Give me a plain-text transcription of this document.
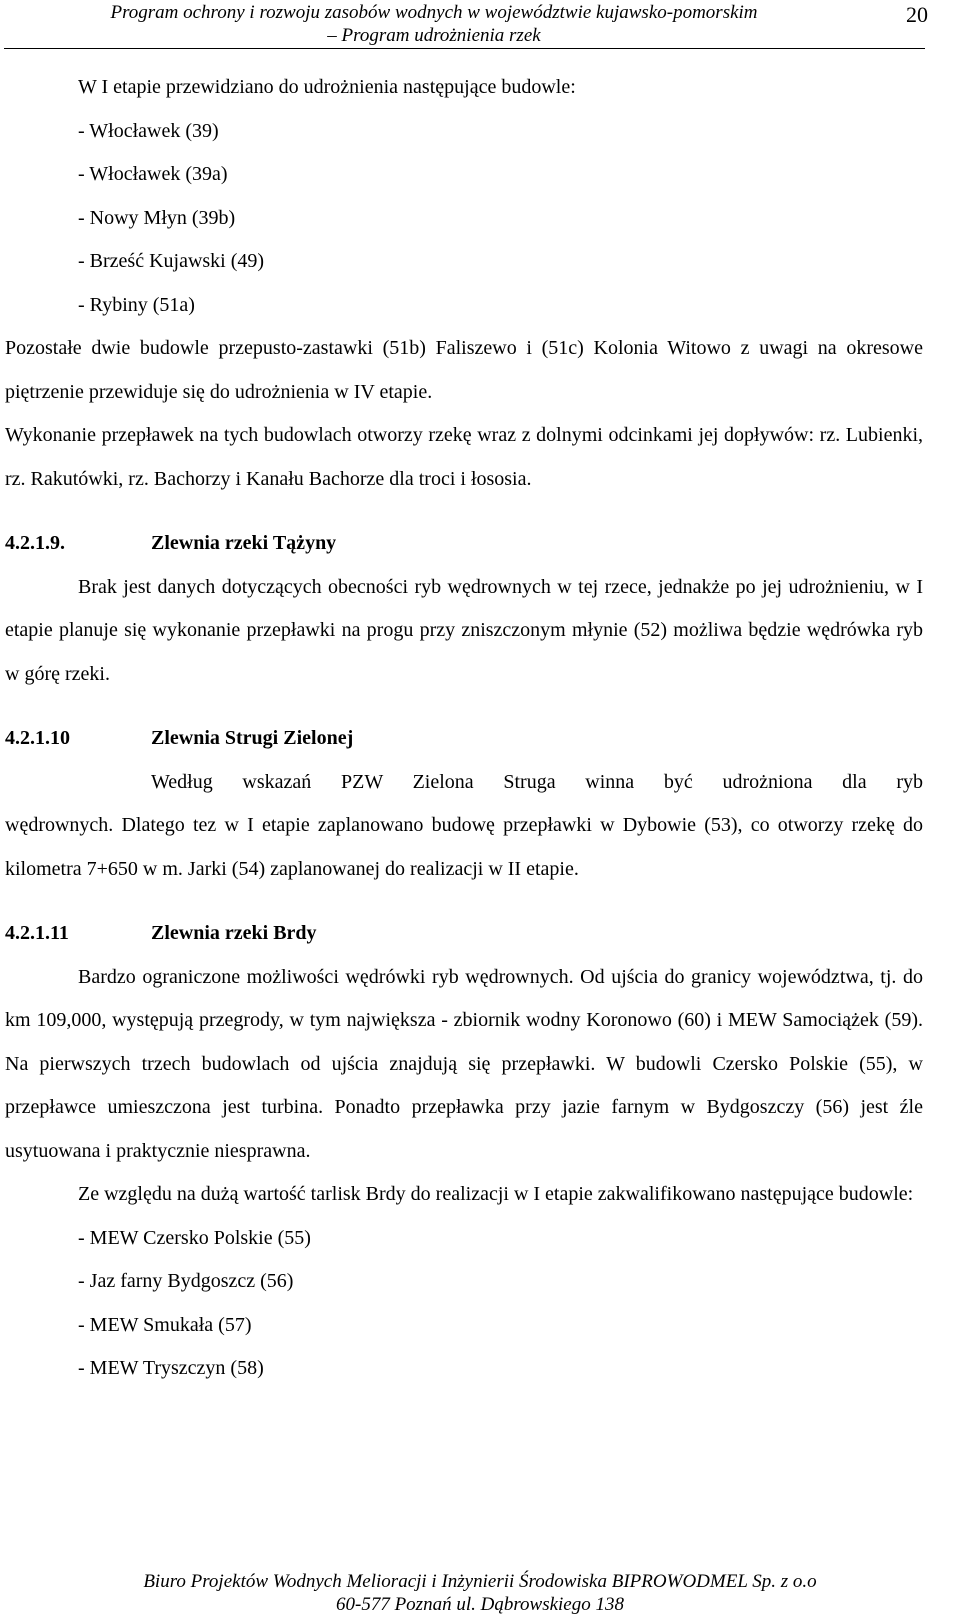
Program ochrony i rozwoju zasobów wodnych w województwie kujawsko-pomorskim
– Program udrożnienia rzek
20

W I etapie przewidziano do udrożnienia następujące budowle:

- Włocławek (39)

- Włocławek (39a)

- Nowy Młyn (39b)

- Brześć Kujawski (49)

- Rybiny (51a)

Pozostałe dwie budowle przepusto-zastawki (51b) Faliszewo i (51c) Kolonia Witowo z uwagi na okresowe piętrzenie przewiduje się do udrożnienia w IV etapie.

Wykonanie przepławek na tych budowlach otworzy rzekę wraz z dolnymi odcinkami jej dopływów: rz. Lubienki, rz. Rakutówki, rz. Bachorzy i Kanału Bachorze dla troci i łososia.

4.2.1.9.	Zlewnia rzeki Tążyny

Brak jest danych dotyczących obecności ryb wędrownych w tej rzece, jednakże po jej udrożnieniu, w I etapie planuje się wykonanie przepławki na progu przy zniszczonym młynie (52) możliwa będzie wędrówka ryb w górę rzeki.

4.2.1.10	Zlewnia Strugi Zielonej

Według wskazań PZW Zielona Struga winna być udrożniona dla ryb

wędrownych. Dlatego tez w I etapie zaplanowano budowę przepławki w Dybowie (53), co otworzy rzekę do kilometra 7+650 w m. Jarki (54) zaplanowanej do realizacji w II etapie.

4.2.1.11	Zlewnia rzeki Brdy

Bardzo ograniczone możliwości wędrówki ryb wędrownych. Od ujścia do granicy województwa, tj. do km 109,000, występują przegrody, w tym największa - zbiornik wodny Koronowo (60) i MEW Samociążek (59). Na pierwszych trzech budowlach od ujścia znajdują się przepławki. W budowli Czersko Polskie (55), w przepławce umieszczona jest turbina. Ponadto przepławka przy jazie farnym w Bydgoszczy (56) jest źle usytuowana i praktycznie niesprawna.

Ze względu na dużą wartość tarlisk Brdy do realizacji w I etapie zakwalifikowano następujące budowle:

- MEW Czersko Polskie (55)

- Jaz farny Bydgoszcz (56)

- MEW Smukała (57)

- MEW Tryszczyn (58)

Biuro Projektów Wodnych Melioracji i Inżynierii Środowiska BIPROWODMEL Sp. z o.o
60-577 Poznań ul. Dąbrowskiego 138
